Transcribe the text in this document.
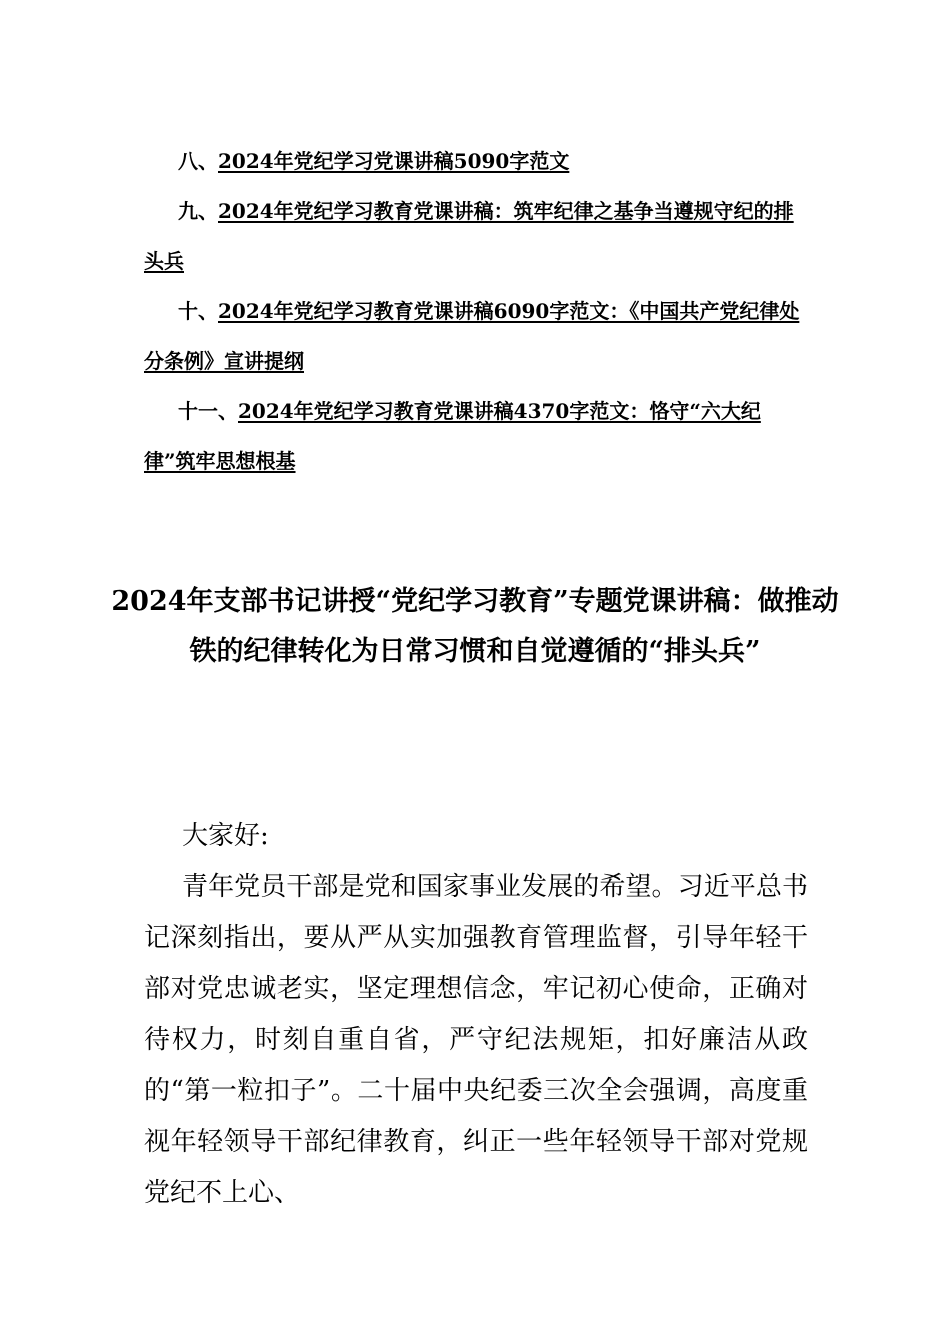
八、2024年党纪学习党课讲稿5090字范文

九、2024年党纪学习教育党课讲稿：筑牢纪律之基争当遵规守纪的排头兵

十、2024年党纪学习教育党课讲稿6090字范文：《中国共产党纪律处分条例》宣讲提纲

十一、2024年党纪学习教育党课讲稿4370字范文：恪守“六大纪律”筑牢思想根基

2024年支部书记讲授“党纪学习教育”专题党课讲稿：做推动铁的纪律转化为日常习惯和自觉遵循的“排头兵”

大家好:

青年党员干部是党和国家事业发展的希望。习近平总书记深刻指出，要从严从实加强教育管理监督，引导年轻干部对党忠诚老实，坚定理想信念，牢记初心使命，正确对待权力，时刻自重自省，严守纪法规矩，扣好廉洁从政的“第一粒扣子”。二十届中央纪委三次全会强调，高度重视年轻领导干部纪律教育，纠正一些年轻领导干部对党规党纪不上心、
